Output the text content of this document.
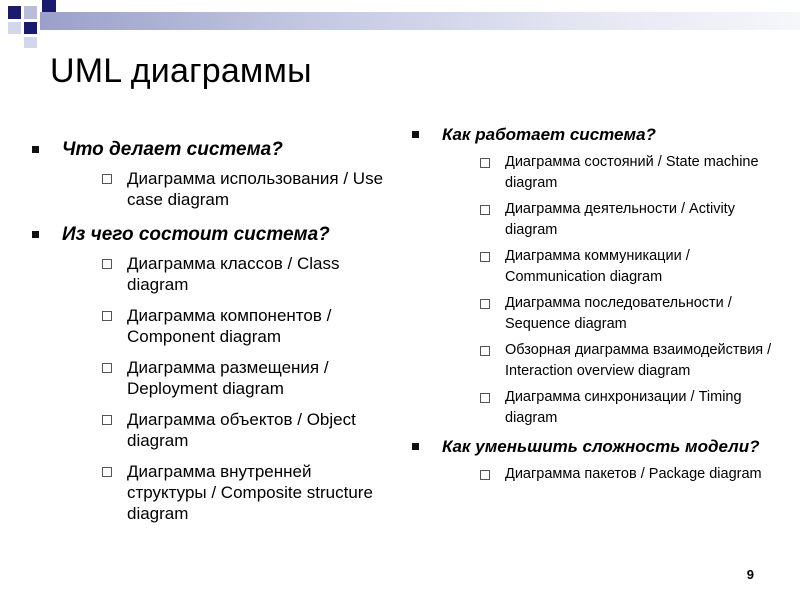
UML диаграммы
Что делает система?
Диаграмма использования / Use case diagram
Из чего состоит система?
Диаграмма классов / Class diagram
Диаграмма компонентов / Component diagram
Диаграмма размещения / Deployment diagram
Диаграмма объектов / Object diagram
Диаграмма внутренней структуры / Composite structure diagram
Как работает система?
Диаграмма состояний / State machine diagram
Диаграмма деятельности / Activity diagram
Диаграмма коммуникации / Communication diagram
Диаграмма последовательности / Sequence diagram
Обзорная диаграмма взаимодействия / Interaction overview diagram
Диаграмма синхронизации / Timing diagram
Как уменьшить сложность модели?
Диаграмма пакетов / Package diagram
9
